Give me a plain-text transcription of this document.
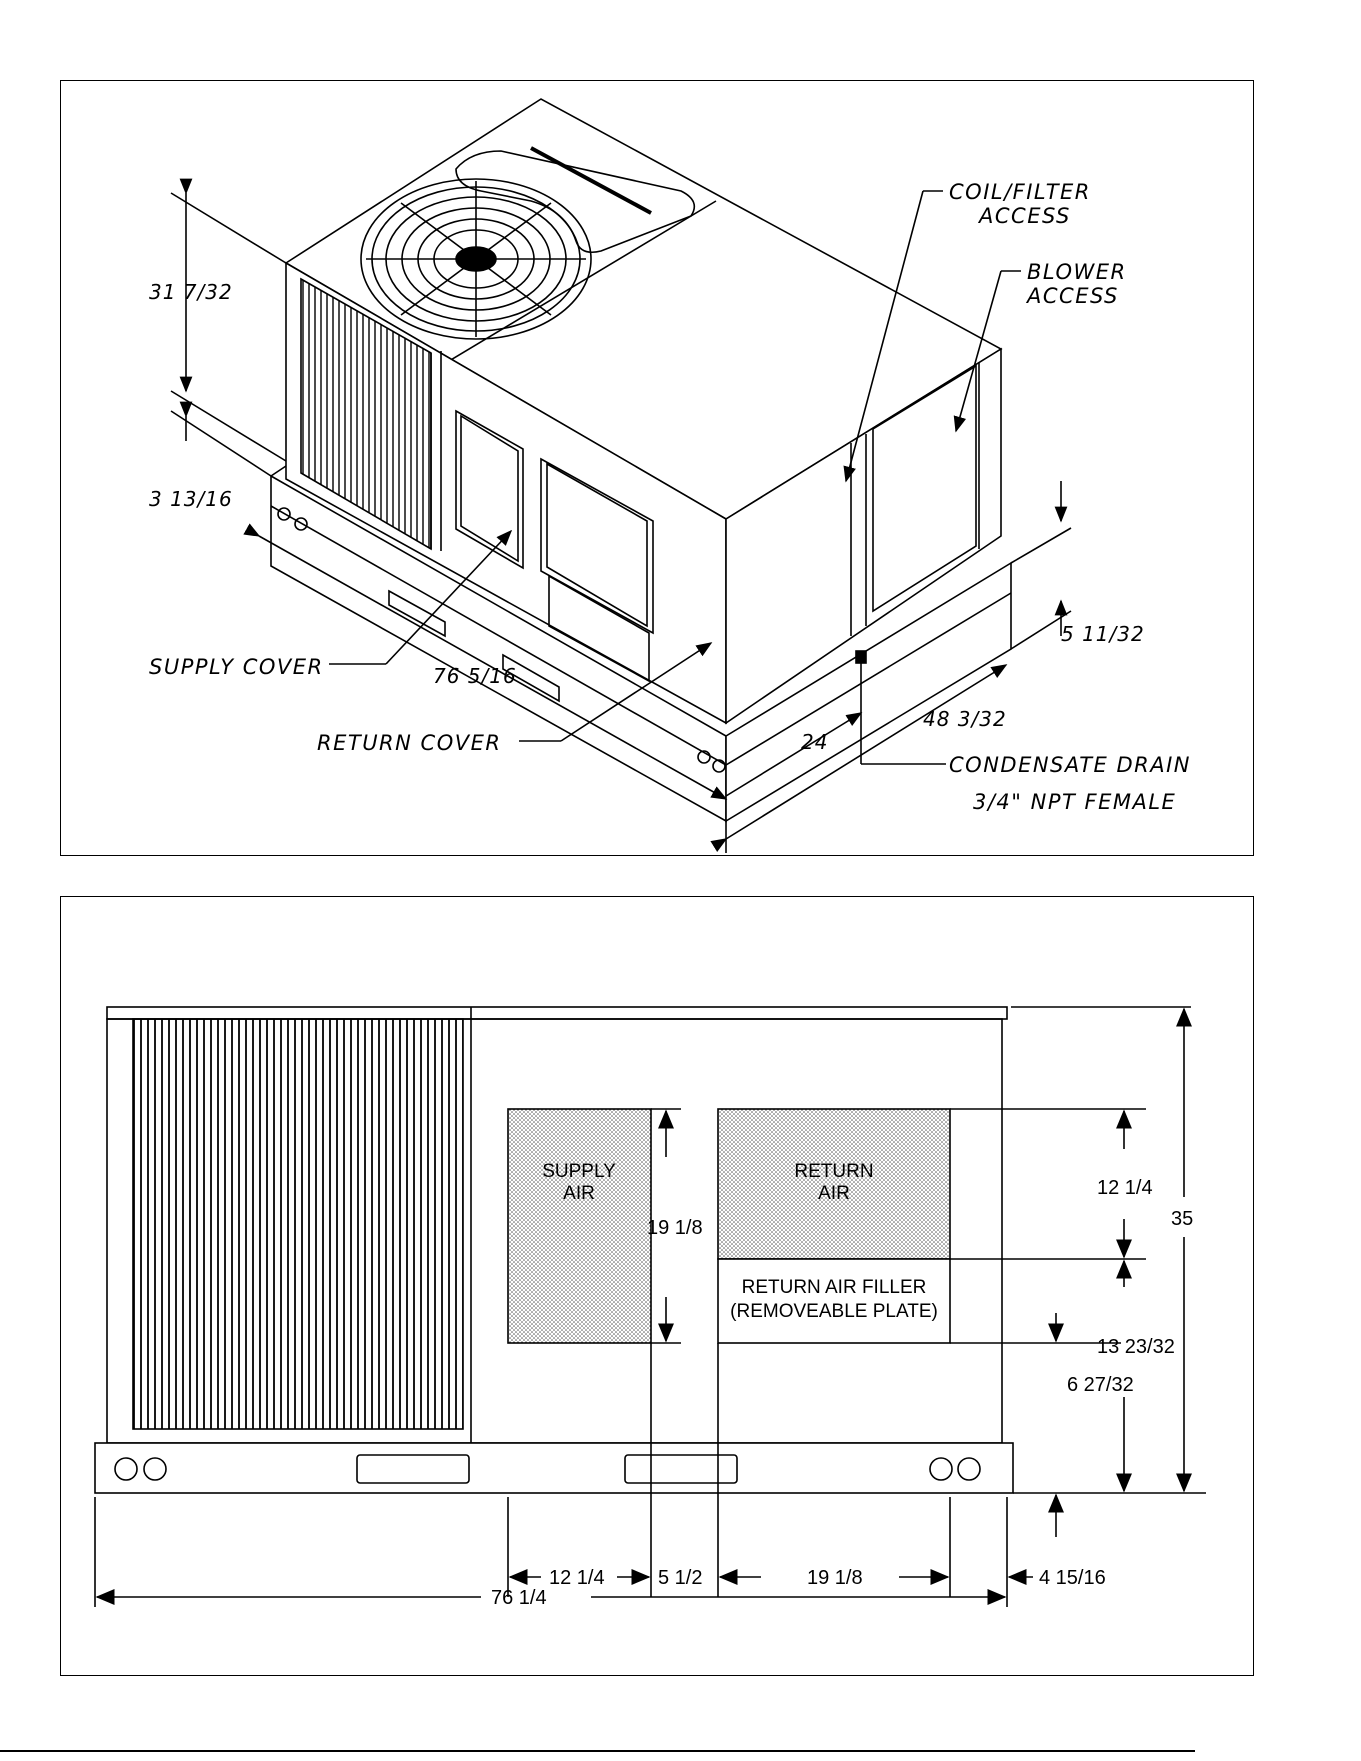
COIL/FILTER
ACCESS
BLOWER
ACCESS
SUPPLY COVER
RETURN COVER
CONDENSATE DRAIN
3/4" NPT FEMALE
31 7/32
3 13/16
76 5/16
48 3/32
24
5 11/32
SUPPLY
AIR
RETURN
AIR
RETURN AIR FILLER
(REMOVEABLE PLATE)
19 1/8
12 1/4
35
13 23/32
6 27/32
12 1/4	5 1/2	19 1/8	4 15/16
76 1/4
